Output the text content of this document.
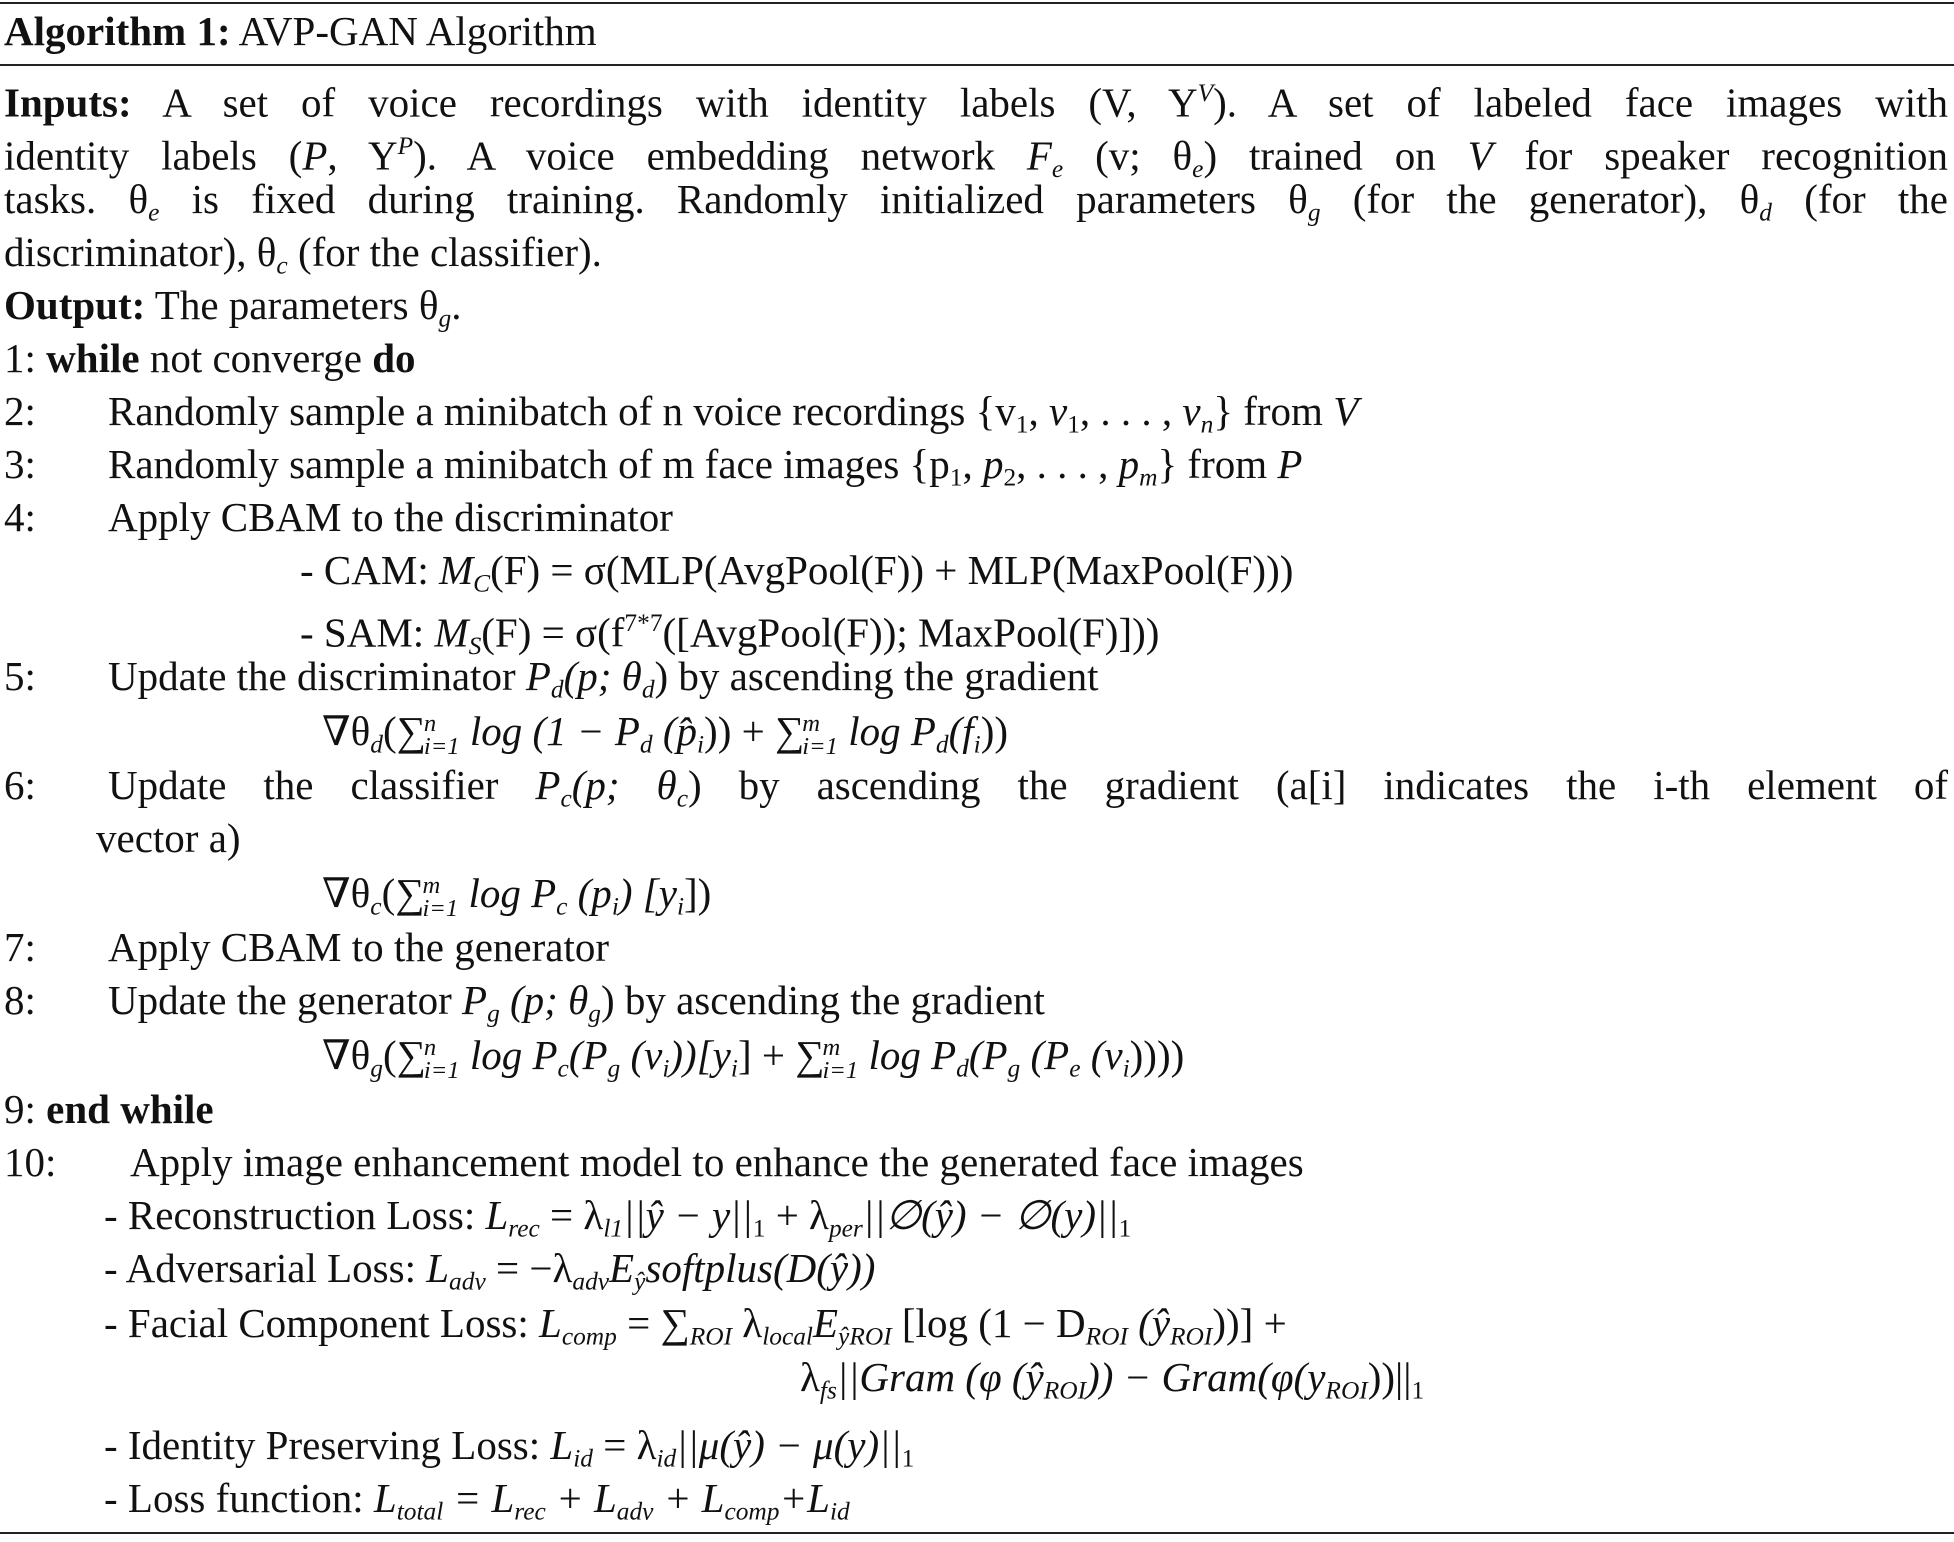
Algorithm 1: AVP-GAN Algorithm
Inputs: A set of voice recordings with identity labels (V, $Y^V$). A set of labeled face images with
identity labels (P, $Y^P$). A voice embedding network $F_e$ (v; $\theta_e$) trained on V for speaker recognition
tasks. $\theta_e$ is fixed during training. Randomly initialized parameters $\theta_g$ (for the generator), $\theta_d$ (for the
discriminator), $\theta_c$ (for the classifier).
Output: The parameters $\theta_g$.
1: while not converge do
2: Randomly sample a minibatch of n voice recordings {v1, v1, . . . , $v_n$} from V
3: Randomly sample a minibatch of m face images {p1, p2, . . . , $p_m$} from P
4: Apply CBAM to the discriminator
- CAM: $M_C(F)$ = σ(MLP(AvgPool(F)) + MLP(MaxPool(F)))
- SAM: $M_S(F)$ = $\sigma(f^{7*7}([AvgPool(F))$; MaxPool(F)]))
5: Update the discriminator $P_d(p$; $\theta_d$) by ascending the gradient
$\nabla\theta_d(\sum$
n
i=1 $\log (1 - P_d$ $(p̂_i)$) + ∑
m
i=1 $\log P_d(f_i)$)
6: Update the classifier $P_c(p$; $\theta_c$) by ascending the gradient (a[i] indicates the i-th element of
vector a)
$\nabla\theta_c(\sum$
m
i=1 $\log P_c$ $(p_i)$ $[y_i]$)
7: Apply CBAM to the generator
8: Update the generator $P_g$ (p; $\theta_g$) by ascending the gradient
$\nabla\theta_g(\sum$
n
i=1 $\log P_c(P_g$ $(v_i))[y_i]$ + ∑
m
i=1 $\log P_d(P_g$ ($P_e$ $(v_i)$)))
9: end while
10: Apply image enhancement model to enhance the generated face images
- Reconstruction Loss: $L_{rec}$ = $\lambda_{l1}||ŷ - y||1$ + $\lambda_{per}||\emptyset(ŷ)$ − ∅(y)||1
- Adversarial Loss: $L_{adv}$ = $-\lambda_{adv}E_ŷsoftplus(D(ŷ))$
- Facial Component Loss: $L_{comp} = \sum_{ROI}$ $\lambda_{local}E_{ŷROI}$ [log ($1 - D_{ROI}$ $(ŷ_{ROI})$)] +
$\lambda_{fs}||Gram$ (φ $(ŷ_{ROI})$) − $Gram(\varphi(y_{ROI}))||1$
- Identity Preserving Loss: $L_{id}$ = $\lambda_{id}||\mu(ŷ) - \mu(y)||1$
- Loss function: $L_{total} = L_{rec} + L_{adv} + L_{comp}+L_{id}$
